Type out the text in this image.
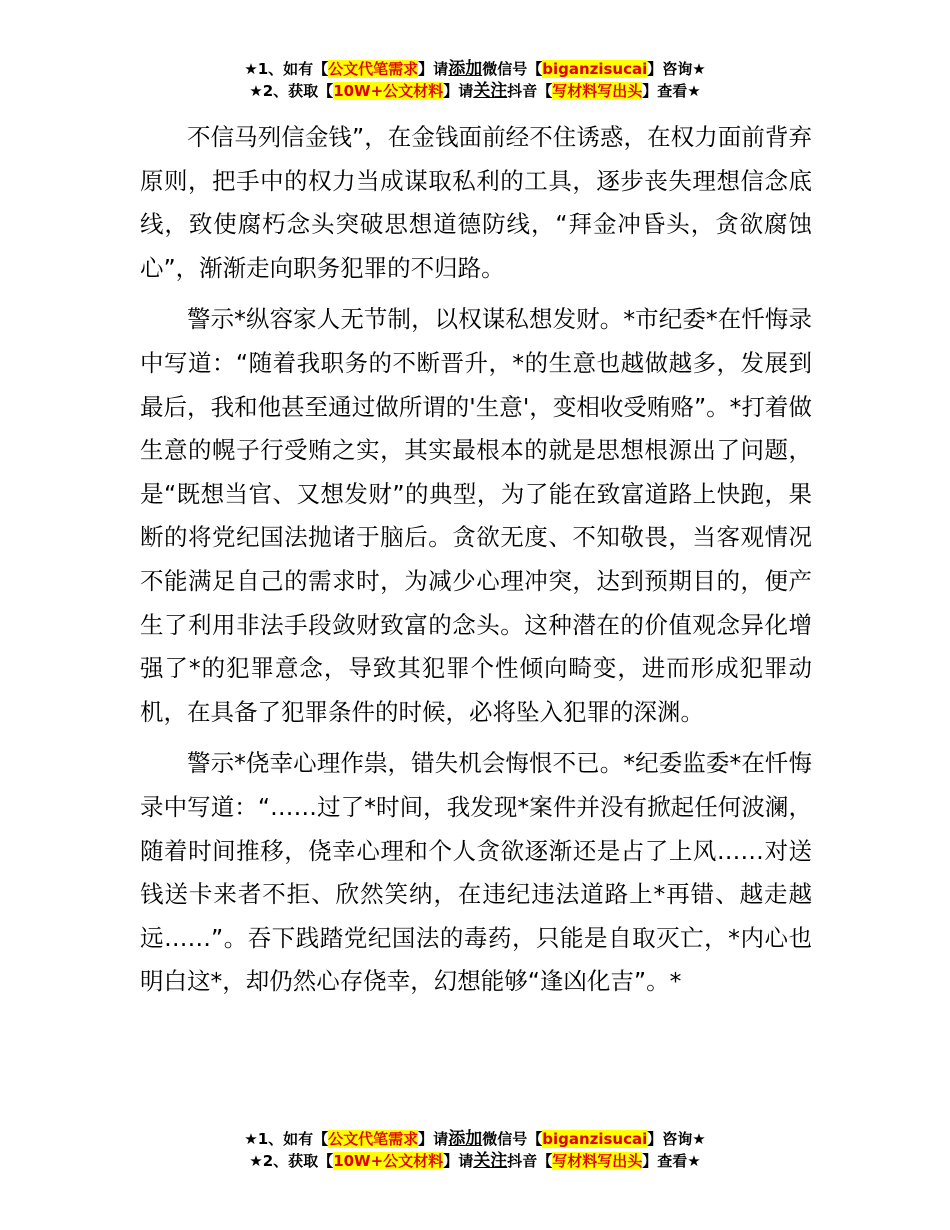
★1、如有【公文代笔需求】请添加微信号【biganzisucai】咨询★
★2、获取【10W+公文材料】请关注抖音【写材料写出头】查看★

不信马列信金钱”，在金钱面前经不住诱惑，在权力面前背弃原则，把手中的权力当成谋取私利的工具，逐步丧失理想信念底线，致使腐朽念头突破思想道德防线，“拜金冲昏头，贪欲腐蚀心”，渐渐走向职务犯罪的不归路。

警示*纵容家人无节制，以权谋私想发财。*市纪委*在忏悔录中写道：“随着我职务的不断晋升，*的生意也越做越多，发展到最后，我和他甚至通过做所谓的'生意'，变相收受贿赂”。*打着做生意的幌子行受贿之实，其实最根本的就是思想根源出了问题，是“既想当官、又想发财”的典型，为了能在致富道路上快跑，果断的将党纪国法抛诸于脑后。贪欲无度、不知敬畏，当客观情况不能满足自己的需求时，为减少心理冲突，达到预期目的，便产生了利用非法手段敛财致富的念头。这种潜在的价值观念异化增强了*的犯罪意念，导致其犯罪个性倾向畸变，进而形成犯罪动机，在具备了犯罪条件的时候，必将坠入犯罪的深渊。

警示*侥幸心理作祟，错失机会悔恨不已。*纪委监委*在忏悔录中写道：“……过了*时间，我发现*案件并没有掀起任何波澜，随着时间推移，侥幸心理和个人贪欲逐渐还是占了上风……对送钱送卡来者不拒、欣然笑纳，在违纪违法道路上*再错、越走越远……”。吞下践踏党纪国法的毒药，只能是自取灭亡，*内心也明白这*，却仍然心存侥幸，幻想能够“逢凶化吉”。*

★1、如有【公文代笔需求】请添加微信号【biganzisucai】咨询★
★2、获取【10W+公文材料】请关注抖音【写材料写出头】查看★
